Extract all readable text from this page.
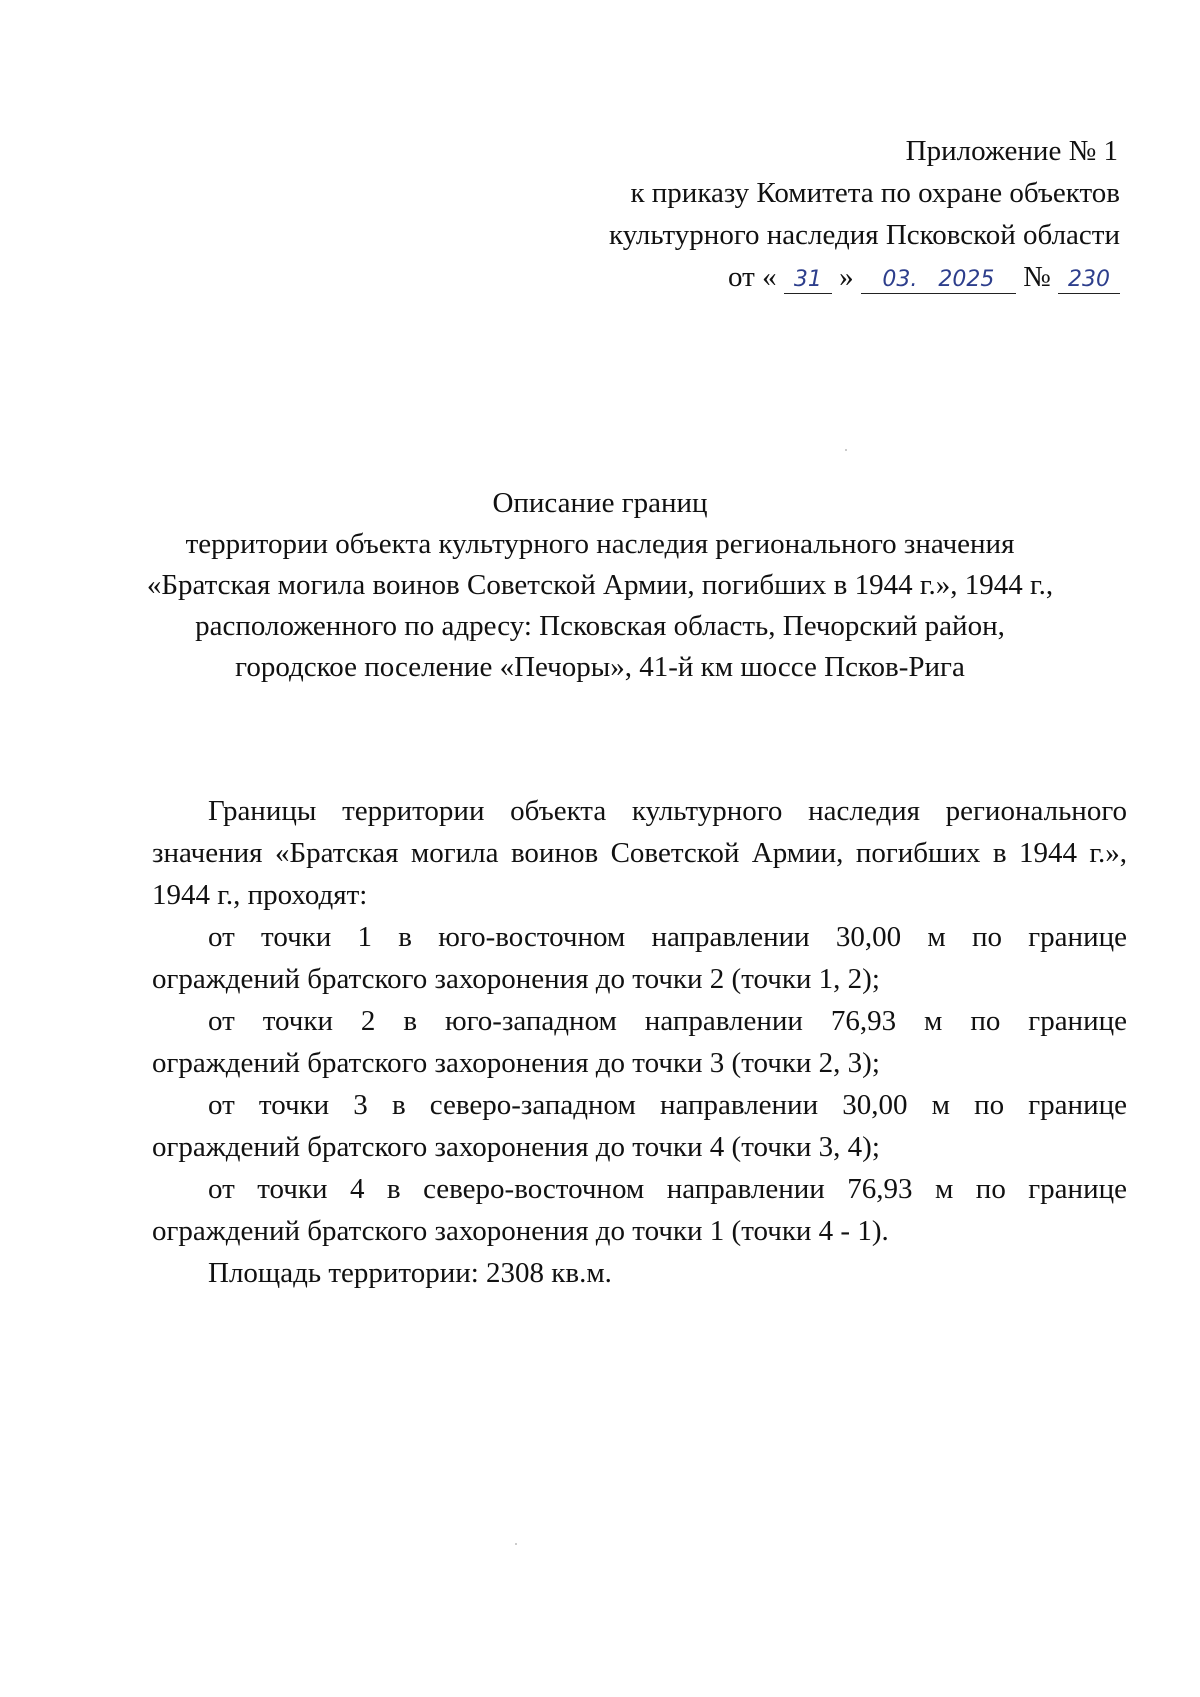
Приложение № 1
к приказу Комитета по охране объектов
культурного наследия Псковской области
от « 31 » 03. 2025 № 230
Описание границ
территории объекта культурного наследия регионального значения
«Братская могила воинов Советской Армии, погибших в 1944 г.», 1944 г.,
расположенного по адресу: Псковская область, Печорский район,
городское поселение «Печоры», 41-й км шоссе Псков-Рига
Границы территории объекта культурного наследия регионального
значения «Братская могила воинов Советской Армии, погибших в 1944 г.»,
1944 г., проходят:
от точки 1 в юго-восточном направлении 30,00 м по границе
ограждений братского захоронения до точки 2 (точки 1, 2);
от точки 2 в юго-западном направлении 76,93 м по границе
ограждений братского захоронения до точки 3 (точки 2, 3);
от точки 3 в северо-западном направлении 30,00 м по границе
ограждений братского захоронения до точки 4 (точки 3, 4);
от точки 4 в северо-восточном направлении 76,93 м по границе
ограждений братского захоронения до точки 1 (точки 4 - 1).
Площадь территории: 2308 кв.м.
